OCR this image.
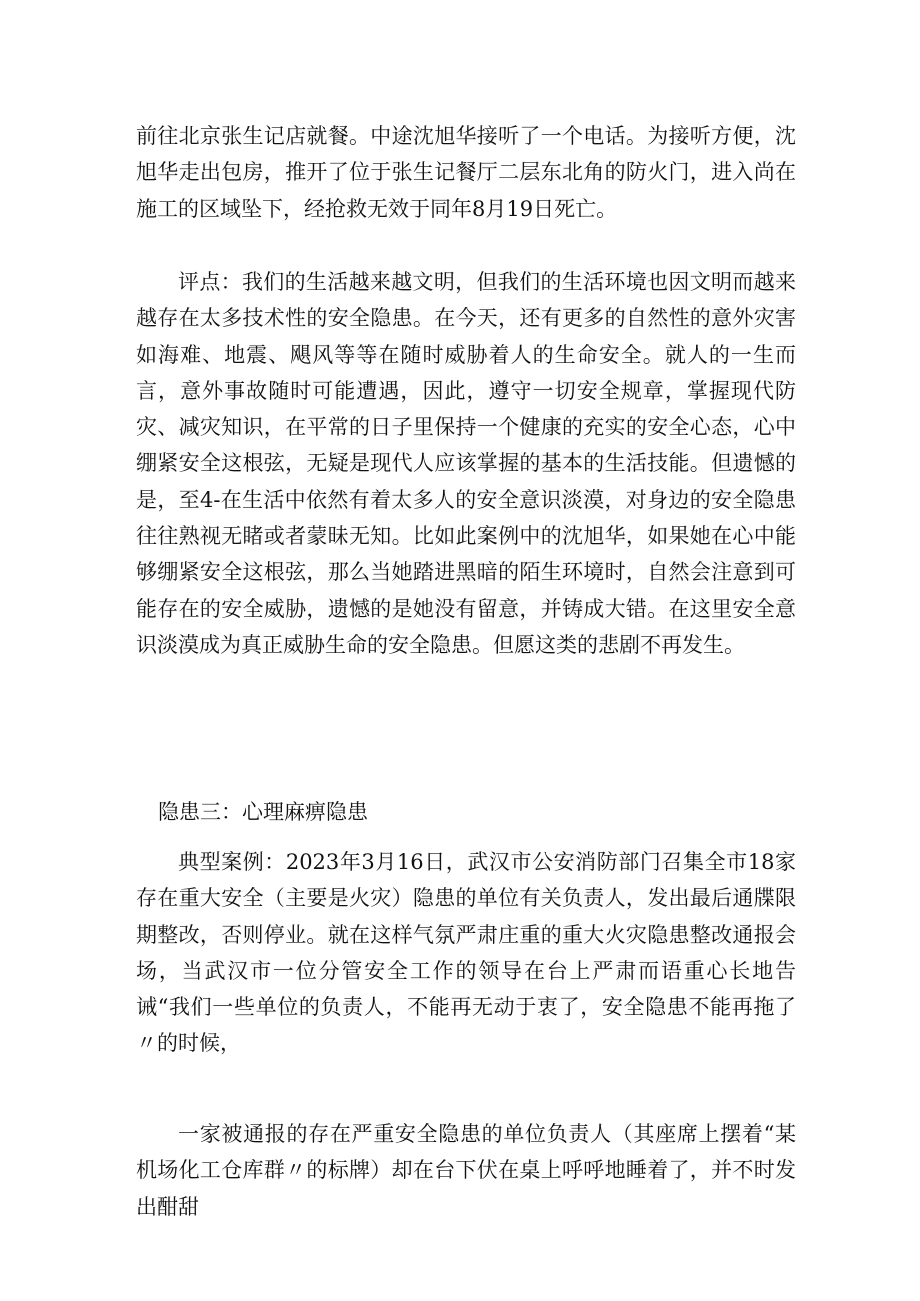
前往北京张生记店就餐。中途沈旭华接听了一个电话。为接听方便，沈旭华走出包房，推开了位于张生记餐厅二层东北角的防火门，进入尚在施工的区域坠下，经抢救无效于同年8月19日死亡。

评点：我们的生活越来越文明，但我们的生活环境也因文明而越来越存在太多技术性的安全隐患。在今天，还有更多的自然性的意外灾害如海难、地震、飓风等等在随时威胁着人的生命安全。就人的一生而言，意外事故随时可能遭遇，因此，遵守一切安全规章，掌握现代防灾、减灾知识，在平常的日子里保持一个健康的充实的安全心态，心中绷紧安全这根弦，无疑是现代人应该掌握的基本的生活技能。但遗憾的是，至4-在生活中依然有着太多人的安全意识淡漠，对身边的安全隐患往往熟视无睹或者蒙昧无知。比如此案例中的沈旭华，如果她在心中能够绷紧安全这根弦，那么当她踏进黑暗的陌生环境时，自然会注意到可能存在的安全威胁，遗憾的是她没有留意，并铸成大错。在这里安全意识淡漠成为真正威胁生命的安全隐患。但愿这类的悲剧不再发生。

隐患三：心理麻痹隐患

典型案例：2023年3月16日，武汉市公安消防部门召集全市18家存在重大安全（主要是火灾）隐患的单位有关负责人，发出最后通牒限期整改，否则停业。就在这样气氛严肃庄重的重大火灾隐患整改通报会场，当武汉市一位分管安全工作的领导在台上严肃而语重心长地告诫“我们一些单位的负责人，不能再无动于衷了，安全隐患不能再拖了〃的时候，

一家被通报的存在严重安全隐患的单位负责人（其座席上摆着“某机场化工仓库群〃的标牌）却在台下伏在桌上呼呼地睡着了，并不时发出酣甜
